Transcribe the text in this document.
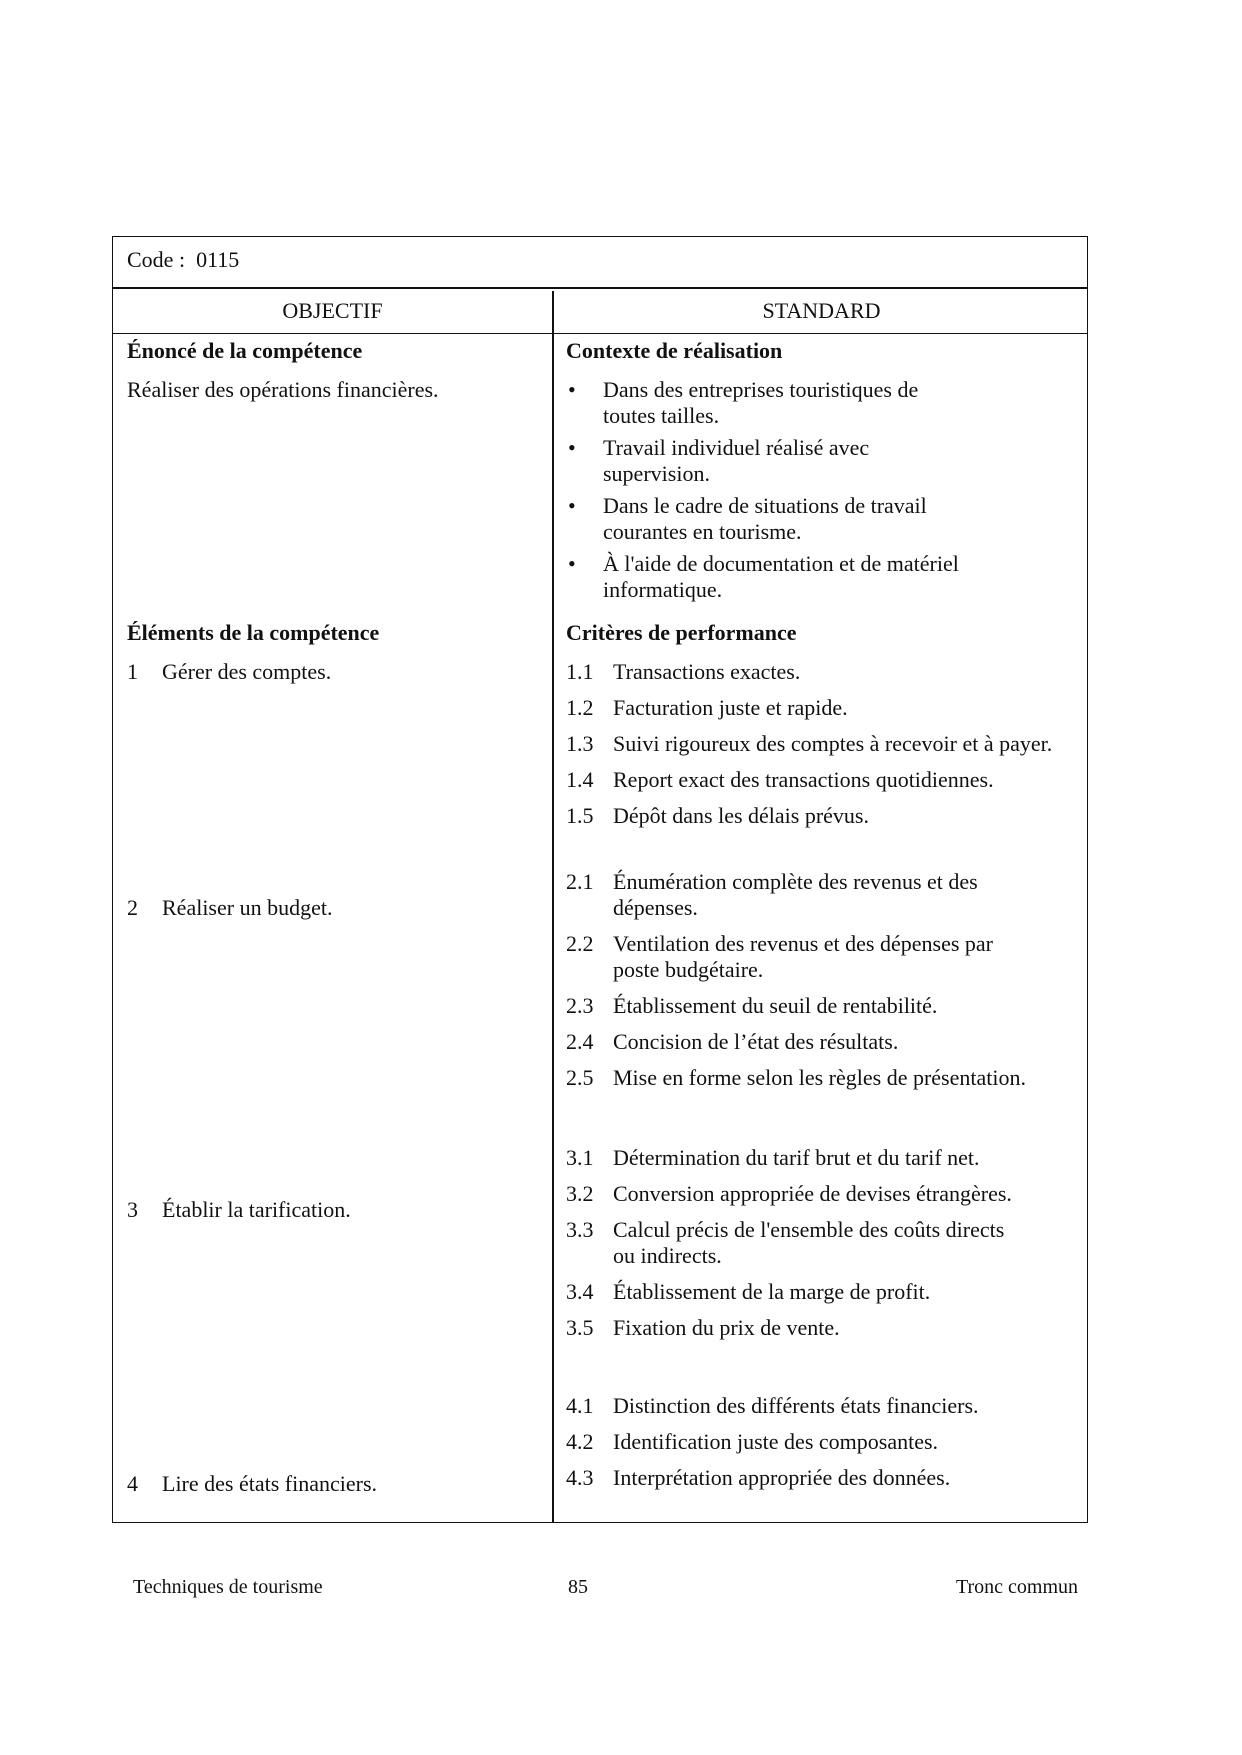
Code : 0115
OBJECTIF	STANDARD
Énoncé de la compétence
Réaliser des opérations financières.
Contexte de réalisation
• Dans des entreprises touristiques de toutes tailles.
• Travail individuel réalisé avec supervision.
• Dans le cadre de situations de travail courantes en tourisme.
• À l'aide de documentation et de matériel informatique.
Éléments de la compétence	Critères de performance
1 Gérer des comptes.	1.1 Transactions exactes.
1.2 Facturation juste et rapide.
1.3 Suivi rigoureux des comptes à recevoir et à payer.
1.4 Report exact des transactions quotidiennes.
1.5 Dépôt dans les délais prévus.
2 Réaliser un budget.
2.1 Énumération complète des revenus et des dépenses.
2.2 Ventilation des revenus et des dépenses par poste budgétaire.
2.3 Établissement du seuil de rentabilité.
2.4 Concision de l’état des résultats.
2.5 Mise en forme selon les règles de présentation.
3 Établir la tarification.
3.1 Détermination du tarif brut et du tarif net.
3.2 Conversion appropriée de devises étrangères.
3.3 Calcul précis de l'ensemble des coûts directs ou indirects.
3.4 Établissement de la marge de profit.
3.5 Fixation du prix de vente.
4 Lire des états financiers.
4.1 Distinction des différents états financiers.
4.2 Identification juste des composantes.
4.3 Interprétation appropriée des données.
Techniques de tourisme	85	Tronc commun
